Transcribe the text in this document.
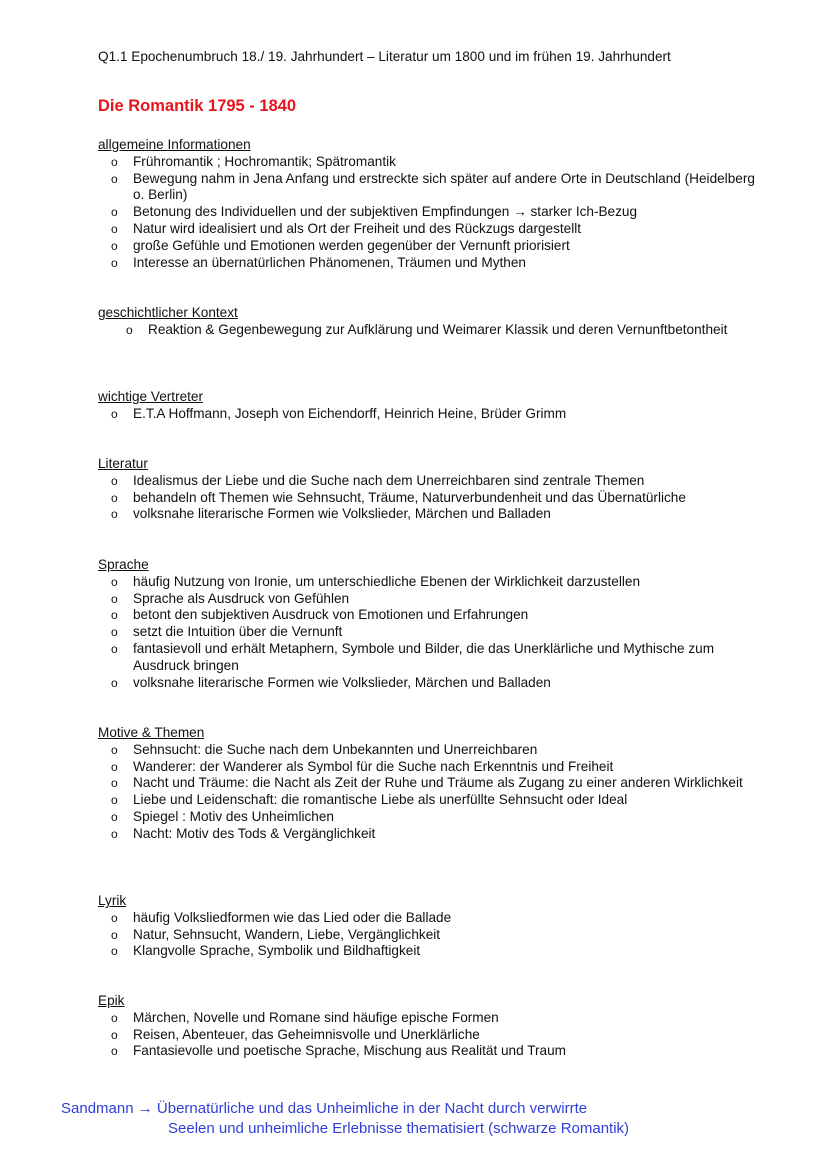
Q1.1 Epochenumbruch 18./ 19. Jahrhundert – Literatur um 1800 und im frühen 19. Jahrhundert
Die Romantik 1795 - 1840
allgemeine Informationen
o Frühromantik ; Hochromantik; Spätromantik
o Bewegung nahm in Jena Anfang und erstreckte sich später auf andere Orte in Deutschland (Heidelberg o. Berlin)
o Betonung des Individuellen und der subjektiven Empfindungen → starker Ich-Bezug
o Natur wird idealisiert und als Ort der Freiheit und des Rückzugs dargestellt
o große Gefühle und Emotionen werden gegenüber der Vernunft priorisiert
o Interesse an übernatürlichen Phänomenen, Träumen und Mythen
geschichtlicher Kontext
o Reaktion & Gegenbewegung zur Aufklärung und Weimarer Klassik und deren Vernunftbetontheit
wichtige Vertreter
o E.T.A Hoffmann, Joseph von Eichendorff, Heinrich Heine, Brüder Grimm
Literatur
o Idealismus der Liebe und die Suche nach dem Unerreichbaren sind zentrale Themen
o behandeln oft Themen wie Sehnsucht, Träume, Naturverbundenheit und das Übernatürliche
o volksnahe literarische Formen wie Volkslieder, Märchen und Balladen
Sprache
o häufig Nutzung von Ironie, um unterschiedliche Ebenen der Wirklichkeit darzustellen
o Sprache als Ausdruck von Gefühlen
o betont den subjektiven Ausdruck von Emotionen und Erfahrungen
o setzt die Intuition über die Vernunft
o fantasievoll und erhält Metaphern, Symbole und Bilder, die das Unerklärliche und Mythische zum Ausdruck bringen
o volksnahe literarische Formen wie Volkslieder, Märchen und Balladen
Motive & Themen
o Sehnsucht: die Suche nach dem Unbekannten und Unerreichbaren
o Wanderer: der Wanderer als Symbol für die Suche nach Erkenntnis und Freiheit
o Nacht und Träume: die Nacht als Zeit der Ruhe und Träume als Zugang zu einer anderen Wirklichkeit
o Liebe und Leidenschaft: die romantische Liebe als unerfüllte Sehnsucht oder Ideal
o Spiegel : Motiv des Unheimlichen
o Nacht: Motiv des Tods & Vergänglichkeit
Lyrik
o häufig Volksliedformen wie das Lied oder die Ballade
o Natur, Sehnsucht, Wandern, Liebe, Vergänglichkeit
o Klangvolle Sprache, Symbolik und Bildhaftigkeit
Epik
o Märchen, Novelle und Romane sind häufige epische Formen
o Reisen, Abenteuer, das Geheimnisvolle und Unerklärliche
o Fantasievolle und poetische Sprache, Mischung aus Realität und Traum
Sandmann → Übernatürliche und das Unheimliche in der Nacht durch verwirrte
Seelen und unheimliche Erlebnisse thematisiert (schwarze Romantik)
